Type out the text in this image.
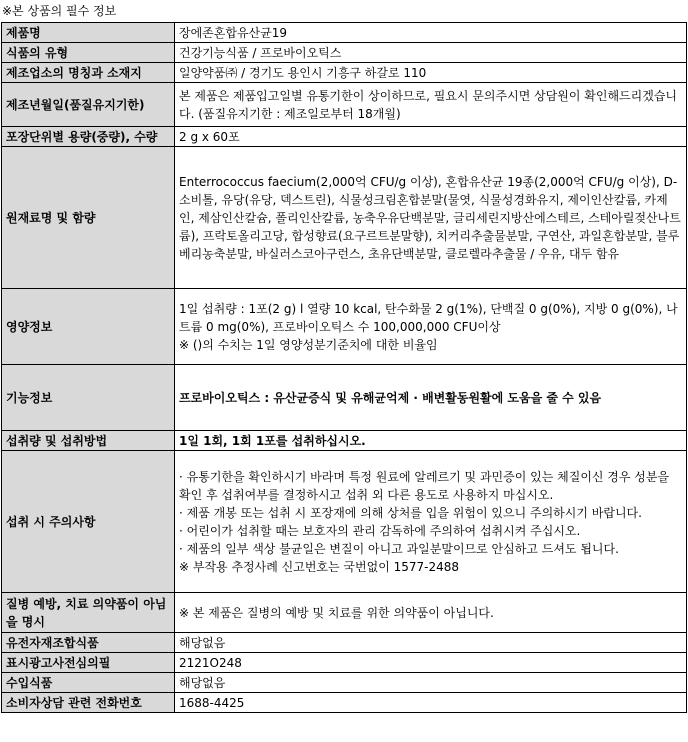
※본 상품의 필수 정보
제품명	장에존혼합유산균19

식품의 유형	건강기능식품 / 프로바이오틱스

제조업소의 명칭과 소재지	일양약품㈜ / 경기도 용인시 기흥구 하갈로 110

제조년월일(품질유지기한)	본 제품은 제품입고일별 유통기한이 상이하므로, 필요시 문의주시면 상담원이 확인해드리겠습니다. (품질유지기한 : 제조일로부터 18개월)

포장단위별 용량(중량), 수량	2 g x 60포

원재료명 및 함량	Enterrococcus faecium(2,000억 CFU/g 이상), 혼합유산균 19종(2,000억 CFU/g 이상), D-소비톨, 유당(유당, 덱스트린), 식물성크림혼합분말(물엿, 식물성경화유지, 제이인산칼륨, 카제인, 제삼인산칼슘, 폴리인산칼륨, 농축우유단백분말, 글리세린지방산에스테르, 스테아릴젖산나트륨), 프락토올리고당, 합성향료(요구르트분말향), 치커리추출물분말, 구연산, 과일혼합분말, 블루베리농축분말, 바실러스코아구런스, 초유단백분말, 클로렐라추출물 / 우유, 대두 함유

영양정보	1일 섭취량 : 1포(2 g) l 열량 10 kcal, 탄수화물 2 g(1%), 단백질 0 g(0%), 지방 0 g(0%), 나트륨 0 mg(0%), 프로바이오틱스 수 100,000,000 CFU이상
※ ()의 수치는 1일 영양성분기준치에 대한 비율임

기능정보	프로바이오틱스 : 유산균증식 및 유해균억제 · 배변활동원활에 도움을 줄 수 있음

섭취량 및 섭취방법	1일 1회, 1회 1포를 섭취하십시오.

섭취 시 주의사항	· 유통기한을 확인하시기 바라며 특정 원료에 알레르기 및 과민증이 있는 체질이신 경우 성분을 확인 후 섭취여부를 결정하시고 섭취 외 다른 용도로 사용하지 마십시오.
· 제품 개봉 또는 섭취 시 포장재에 의해 상처를 입을 위험이 있으니 주의하시기 바랍니다.
· 어린이가 섭취할 때는 보호자의 관리 감독하에 주의하여 섭취시켜 주십시오.
· 제품의 일부 색상 불균일은 변질이 아니고 과일분말이므로 안심하고 드셔도 됩니다.
※ 부작용 추정사례 신고번호는 국번없이 1577-2488

질병 예방, 치료 의약품이 아님을 명시	※ 본 제품은 질병의 예방 및 치료를 위한 의약품이 아닙니다.

유전자재조합식품	해당없음

표시광고사전심의필	2121O248

수입식품	해당없음

소비자상담 관련 전화번호	1688-4425
